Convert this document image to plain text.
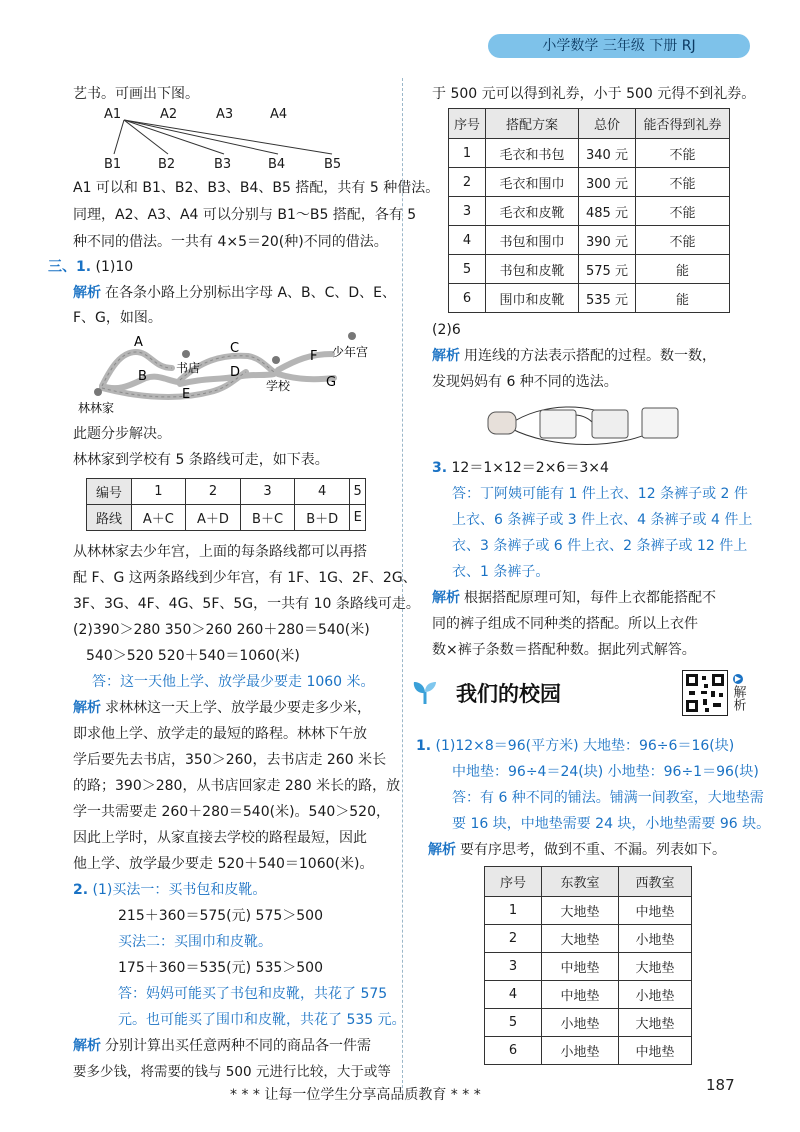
小学数学 三年级 下册 RJ
艺书。可画出下图。
A1	A2	A3	A4
B1	B2	B3	B4	B5
A1 可以和 B1、B2、B3、B4、B5 搭配，共有 5 种借法。
同理，A2、A3、A4 可以分别与 B1～B5 搭配，各有 5
种不同的借法。一共有 4×5＝20(种)不同的借法。
三、1. (1)10
解析 在各条小路上分别标出字母 A、B、C、D、E、
F、G，如图。
A
B
C
D
E
F
G
书店
学校
少年宫
林林家
此题分步解决。
林林家到学校有 5 条路线可走，如下表。
编号	1	2	3	4	5
路线	A＋C	A＋D	B＋C	B＋D	E
从林林家去少年宫，上面的每条路线都可以再搭
配 F、G 这两条路线到少年宫，有 1F、1G、2F、2G、
3F、3G、4F、4G、5F、5G，一共有 10 条路线可走。
(2)390＞280 350＞260 260＋280＝540(米)
540＞520 520＋540＝1060(米)
答：这一天他上学、放学最少要走 1060 米。
解析 求林林这一天上学、放学最少要走多少米，
即求他上学、放学走的最短的路程。林林下午放
学后要先去书店，350＞260，去书店走 260 米长
的路；390＞280，从书店回家走 280 米长的路，放
学一共需要走 260＋280＝540(米)。540＞520，
因此上学时，从家直接去学校的路程最短，因此
他上学、放学最少要走 520＋540＝1060(米)。
2. (1)买法一：买书包和皮靴。
215＋360＝575(元) 575＞500
买法二：买围巾和皮靴。
175＋360＝535(元) 535＞500
答：妈妈可能买了书包和皮靴，共花了 575
元。也可能买了围巾和皮靴，共花了 535 元。
解析 分别计算出买任意两种不同的商品各一件需
要多少钱，将需要的钱与 500 元进行比较，大于或等
于 500 元可以得到礼券，小于 500 元得不到礼券。
序号	搭配方案	总价	能否得到礼券
1	毛衣和书包	340 元	不能
2	毛衣和围巾	300 元	不能
3	毛衣和皮靴	485 元	不能
4	书包和围巾	390 元	不能
5	书包和皮靴	575 元	能
6	围巾和皮靴	535 元	能
(2)6
解析 用连线的方法表示搭配的过程。数一数，
发现妈妈有 6 种不同的选法。
3. 12＝1×12＝2×6＝3×4
答：丁阿姨可能有 1 件上衣、12 条裤子或 2 件
上衣、6 条裤子或 3 件上衣、4 条裤子或 4 件上
衣、3 条裤子或 6 件上衣、2 条裤子或 12 件上
衣、1 条裤子。
解析 根据搭配原理可知，每件上衣都能搭配不
同的裤子组成不同种类的搭配。所以上衣件
数×裤子条数＝搭配种数。据此列式解答。
我们的校园
▶
解析
1. (1)12×8＝96(平方米) 大地垫：96÷6＝16(块)
中地垫：96÷4＝24(块) 小地垫：96÷1＝96(块)
答：有 6 种不同的铺法。铺满一间教室，大地垫需
要 16 块，中地垫需要 24 块，小地垫需要 96 块。
解析 要有序思考，做到不重、不漏。列表如下。
序号	东教室	西教室
1	大地垫	中地垫
2	大地垫	小地垫
3	中地垫	大地垫
4	中地垫	小地垫
5	小地垫	大地垫
6	小地垫	中地垫
* * * 让每一位学生分享高品质教育 * * *
187
